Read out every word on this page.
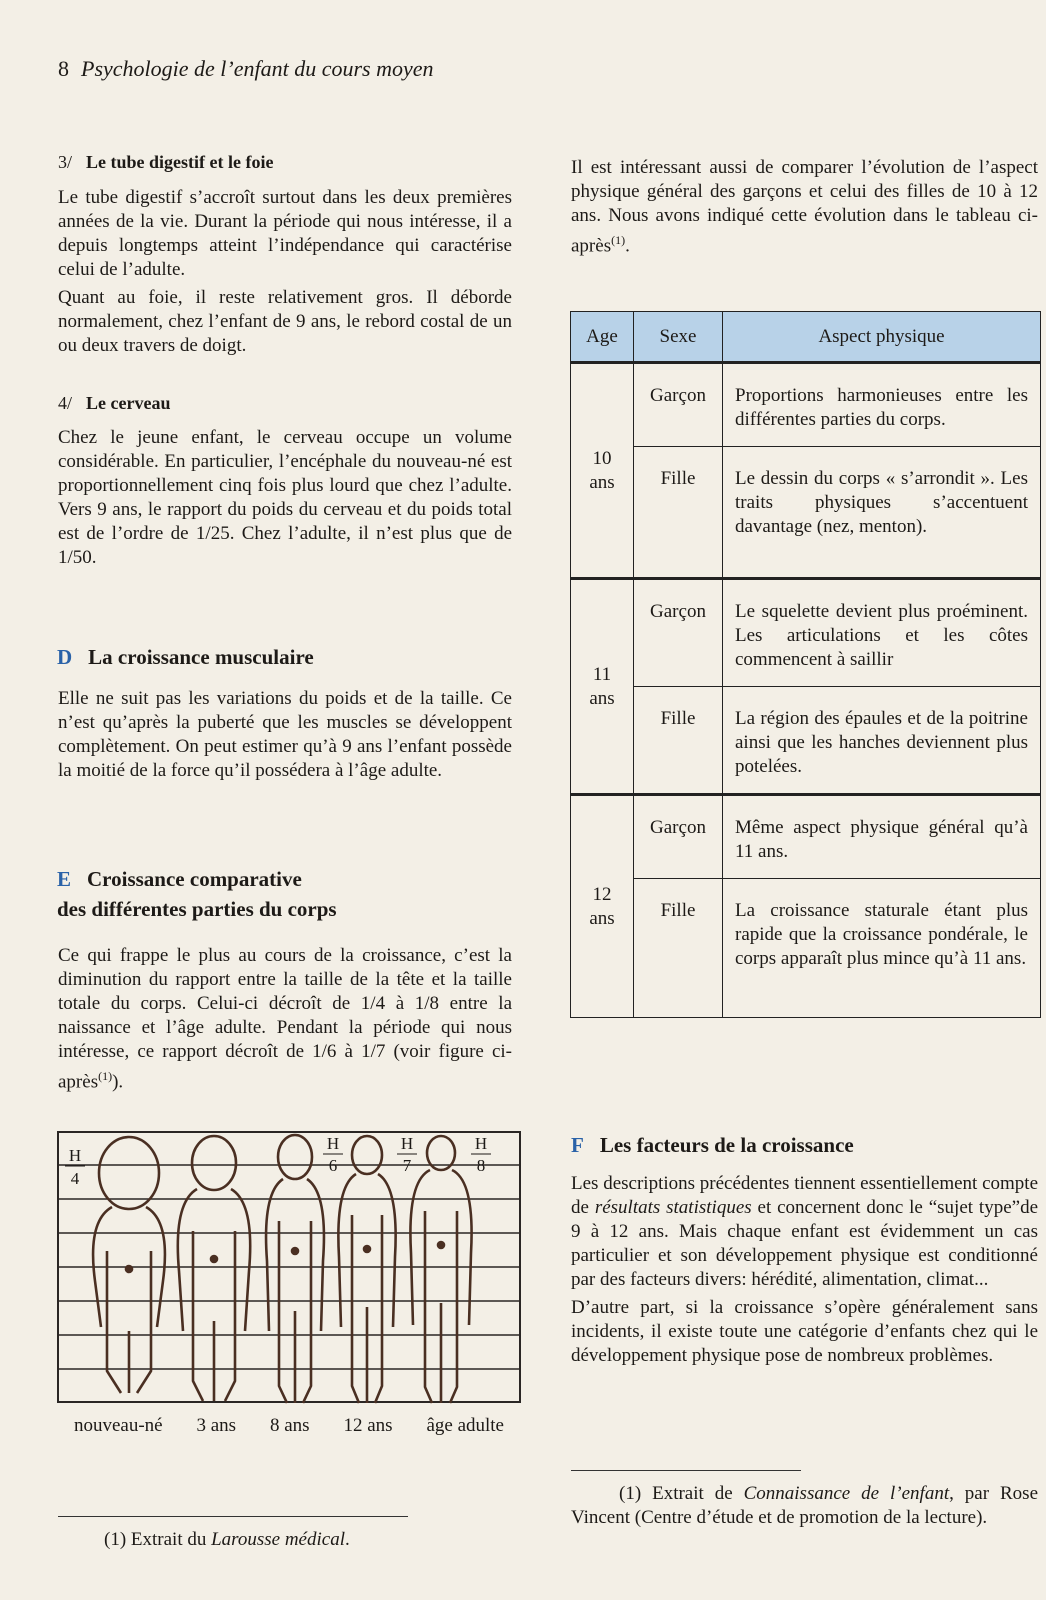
8 Psychologie de l’enfant du cours moyen
3/ Le tube digestif et le foie

Le tube digestif s’accroît surtout dans les deux premières années de la vie. Durant la période qui nous intéresse, il a depuis longtemps atteint l’indépendance qui caractérise celui de l’adulte.

Quant au foie, il reste relativement gros. Il déborde normalement, chez l’enfant de 9 ans, le rebord costal de un ou deux travers de doigt.

4/ Le cerveau

Chez le jeune enfant, le cerveau occupe un volume considérable. En particulier, l’encéphale du nouveau-né est proportionnellement cinq fois plus lourd que chez l’adulte. Vers 9 ans, le rapport du poids du cerveau et du poids total est de l’ordre de 1/25. Chez l’adulte, il n’est plus que de 1/50.

D La croissance musculaire

Elle ne suit pas les variations du poids et de la taille. Ce n’est qu’après la puberté que les muscles se développent complètement. On peut estimer qu’à 9 ans l’enfant possède la moitié de la force qu’il possédera à l’âge adulte.

E Croissance comparative
des différentes parties du corps

Ce qui frappe le plus au cours de la croissance, c’est la diminution du rapport entre la taille de la tête et la taille totale du corps. Celui-ci décroît de 1/4 à 1/8 entre la naissance et l’âge adulte. Pendant la période qui nous intéresse, ce rapport décroît de 1/6 à 1/7 (voir figure ci-après$^{(1)}$).

H
4
H
6
H
7
H
8
nouveau-né 3 ans 8 ans 12 ans âge adulte
(1) Extrait du Larousse médical.

Il est intéressant aussi de comparer l’évolution de l’aspect physique général des garçons et celui des filles de 10 à 12 ans. Nous avons indiqué cette évolution dans le tableau ci-après$^{(1)}$.

Age	Sexe	Aspect physique
10
ans	Garçon	Proportions harmonieuses entre les différentes parties du corps.
	Fille	Le dessin du corps « s’arrondit ». Les traits physiques s’accentuent davantage (nez, menton).
11
ans	Garçon	Le squelette devient plus proéminent. Les articulations et les côtes commencent à saillir
	Fille	La région des épaules et de la poitrine ainsi que les hanches deviennent plus potelées.
12
ans	Garçon	Même aspect physique général qu’à 11 ans.
	Fille	La croissance staturale étant plus rapide que la croissance pondérale, le corps apparaît plus mince qu’à 11 ans.
F Les facteurs de la croissance

Les descriptions précédentes tiennent essentiellement compte de résultats statistiques et concernent donc le “sujet type”de 9 à 12 ans. Mais chaque enfant est évidemment un cas particulier et son développement physique est conditionné par des facteurs divers: hérédité, alimentation, climat...

D’autre part, si la croissance s’opère généralement sans incidents, il existe toute une catégorie d’enfants chez qui le développement physique pose de nombreux problèmes.

(1) Extrait de Connaissance de l’enfant, par Rose Vincent (Centre d’étude et de promotion de la lecture).
